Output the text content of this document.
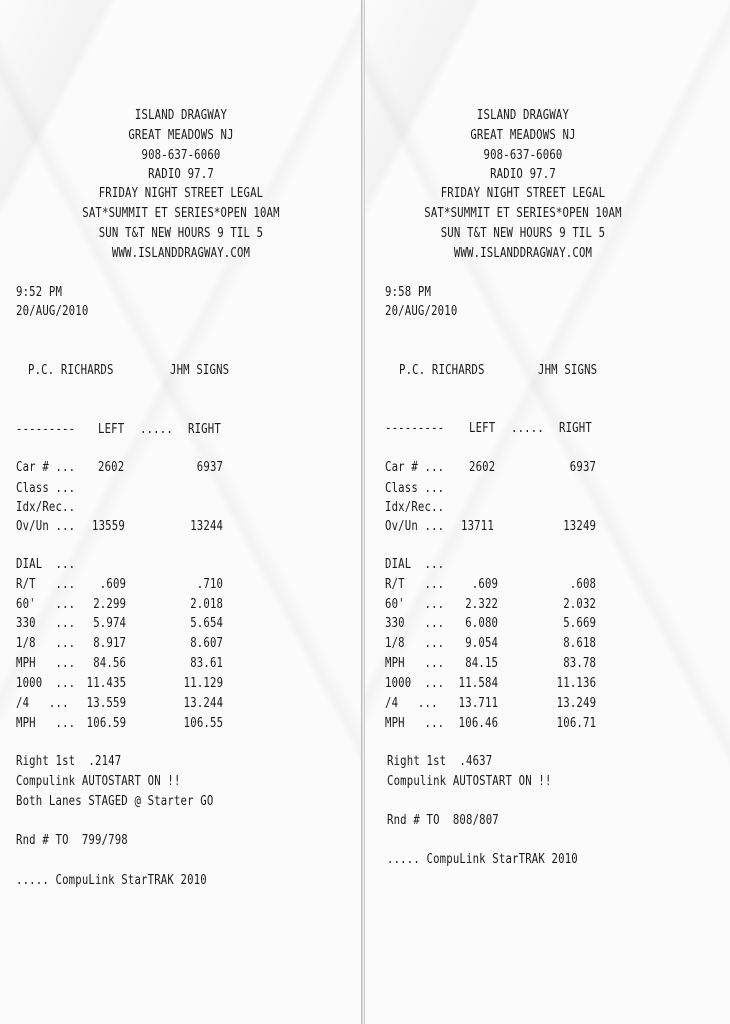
ISLAND DRAGWAY
GREAT MEADOWS NJ
908-637-6060
RADIO 97.7
FRIDAY NIGHT STREET LEGAL
SAT*SUMMIT ET SERIES*OPEN 10AM
SUN T&T NEW HOURS 9 TIL 5
WWW.ISLANDDRAGWAY.COM
9:52 PM
20/AUG/2010
P.C. RICHARDS	JHM SIGNS
--------- LEFT ..... RIGHT
Car # ... 2602	6937
Class ...
Idx/Rec..
Ov/Un ... 13559	13244
DIAL  ...
R/T   ... .609	.710
60'   ... 2.299	2.018
330   ... 5.974	5.654
1/8   ... 8.917	8.607
MPH   ... 84.56	83.61
1000  ... 11.435	11.129
/4   ... 13.559	13.244
MPH   ... 106.59	106.55
Right 1st  .2147
Compulink AUTOSTART ON !!
Both Lanes STAGED @ Starter GO
Rnd # TO  799/798
..... CompuLink StarTRAK 2010
ISLAND DRAGWAY
GREAT MEADOWS NJ
908-637-6060
RADIO 97.7
FRIDAY NIGHT STREET LEGAL
SAT*SUMMIT ET SERIES*OPEN 10AM
SUN T&T NEW HOURS 9 TIL 5
WWW.ISLANDDRAGWAY.COM
9:58 PM
20/AUG/2010
P.C. RICHARDS	JHM SIGNS
--------- LEFT ..... RIGHT
Car # ... 2602	6937
Class ...
Idx/Rec..
Ov/Un ... 13711	13249
DIAL  ...
R/T   ... .609	.608
60'   ... 2.322	2.032
330   ... 6.080	5.669
1/8   ... 9.054	8.618
MPH   ... 84.15	83.78
1000  ... 11.584	11.136
/4   ... 13.711	13.249
MPH   ... 106.46	106.71
Right 1st  .4637
Compulink AUTOSTART ON !!
Rnd # TO  808/807
..... CompuLink StarTRAK 2010
